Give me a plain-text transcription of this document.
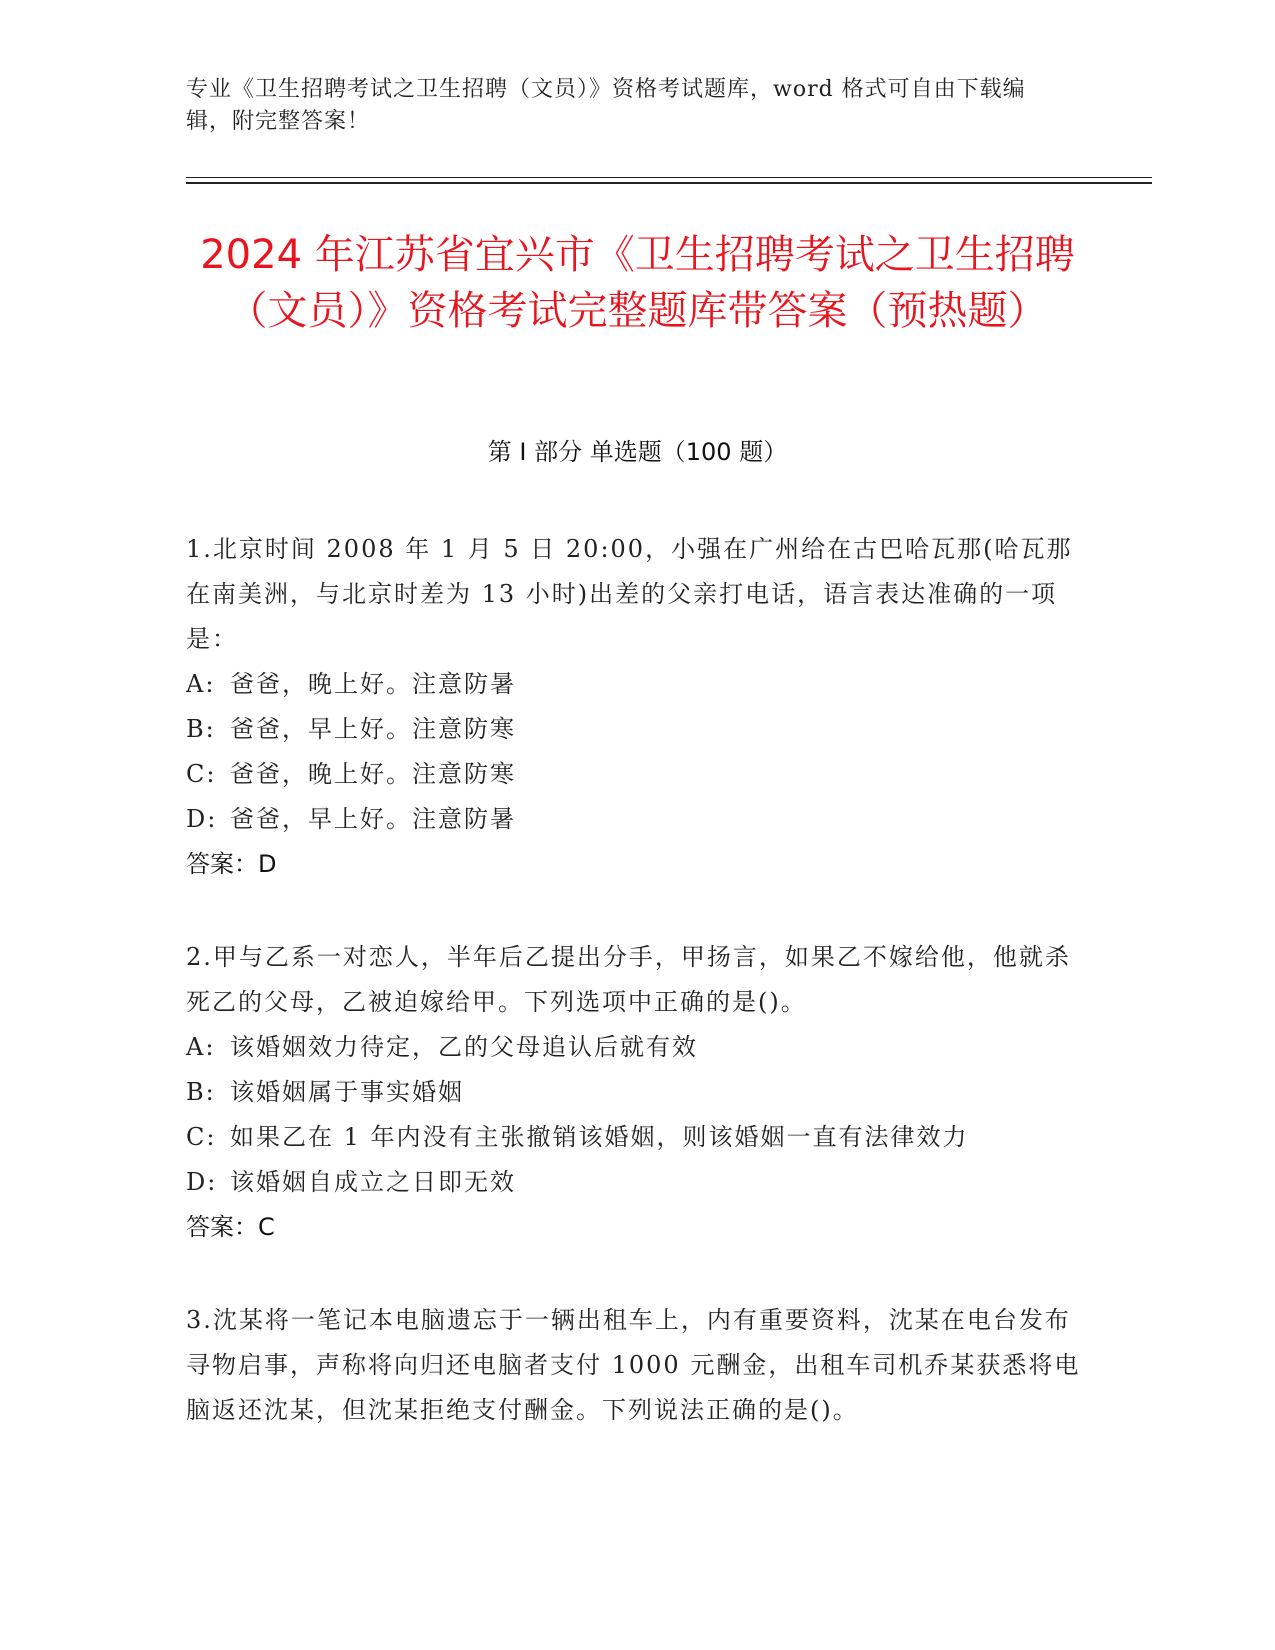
专业《卫生招聘考试之卫生招聘（文员）》资格考试题库，word 格式可自由下载编辑，附完整答案！
2024 年江苏省宜兴市《卫生招聘考试之卫生招聘（文员）》资格考试完整题库带答案（预热题）
第 I 部分 单选题（100 题）
1.北京时间 2008 年 1 月 5 日 20:00，小强在广州给在古巴哈瓦那(哈瓦那在南美洲，与北京时差为 13 小时)出差的父亲打电话，语言表达准确的一项是：
A: 爸爸，晚上好。注意防暑
B: 爸爸，早上好。注意防寒
C: 爸爸，晚上好。注意防寒
D: 爸爸，早上好。注意防暑
答案：D
2.甲与乙系一对恋人，半年后乙提出分手，甲扬言，如果乙不嫁给他，他就杀死乙的父母，乙被迫嫁给甲。下列选项中正确的是()。
A: 该婚姻效力待定，乙的父母追认后就有效
B: 该婚姻属于事实婚姻
C: 如果乙在 1 年内没有主张撤销该婚姻，则该婚姻一直有法律效力
D: 该婚姻自成立之日即无效
答案：C
3.沈某将一笔记本电脑遗忘于一辆出租车上，内有重要资料，沈某在电台发布寻物启事，声称将向归还电脑者支付 1000 元酬金，出租车司机乔某获悉将电脑返还沈某，但沈某拒绝支付酬金。下列说法正确的是()。
